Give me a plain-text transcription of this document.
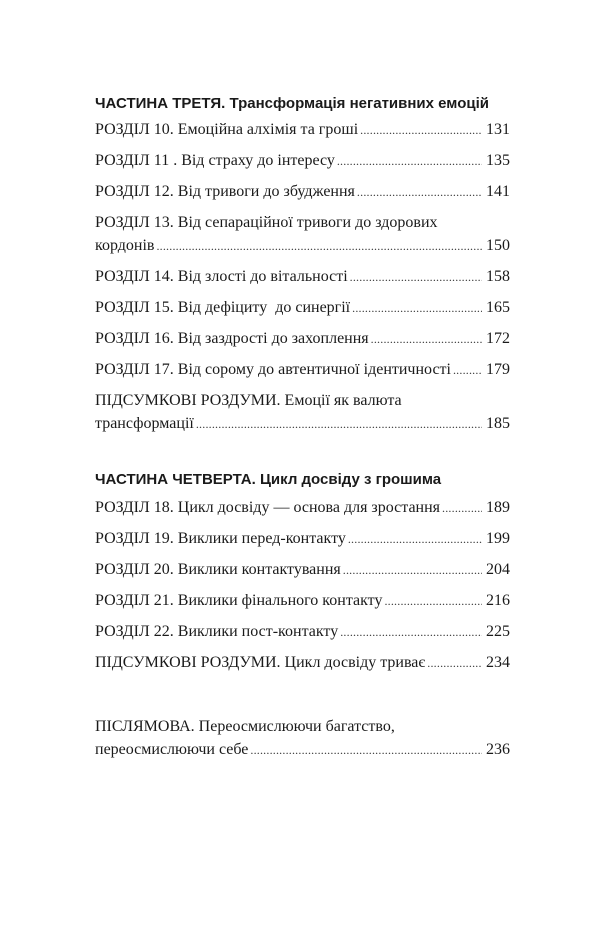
ЧАСТИНА ТРЕТЯ. Трансформація негативних емоцій
РОЗДІЛ 10. Емоційна алхімія та гроші .....	131
РОЗДІЛ 11 . Від страху до інтересу .....	135
РОЗДІЛ 12. Від тривоги до збудження .....	141
РОЗДІЛ 13. Від сепараційної тривоги до здорових
кордонів .....	150
РОЗДІЛ 14. Від злості до вітальності .....	158
РОЗДІЛ 15. Від дефіциту  до синергії .....	165
РОЗДІЛ 16. Від заздрості до захоплення .....	172
РОЗДІЛ 17. Від сорому до автентичної ідентичності ..... 179
ПІДСУМКОВІ РОЗДУМИ. Емоції як валюта
трансформації .....	185
ЧАСТИНА ЧЕТВЕРТА. Цикл досвіду з грошима
РОЗДІЛ 18. Цикл досвіду — основа для зростання .....	189
РОЗДІЛ 19. Виклики перед-контакту .....	199
РОЗДІЛ 20. Виклики контактування .....	204
РОЗДІЛ 21. Виклики фінального контакту .....	216
РОЗДІЛ 22. Виклики пост-контакту .....	225
ПІДСУМКОВІ РОЗДУМИ. Цикл досвіду триває .....	234
ПІСЛЯМОВА. Переосмислюючи багатство,
переосмислюючи себе .....	236
